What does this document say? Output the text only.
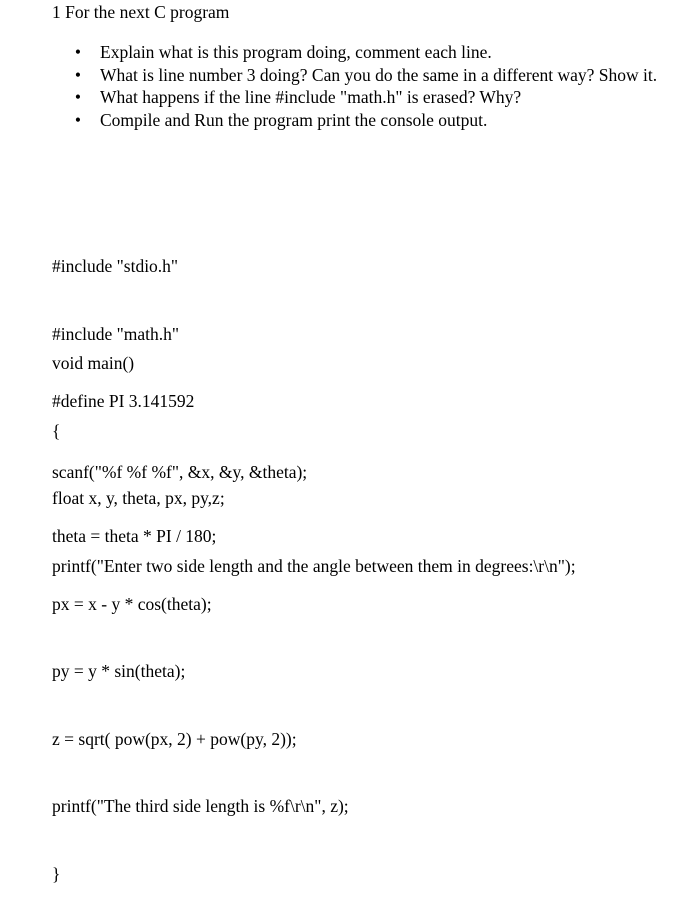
1 For the next C program
• Explain what is this program doing, comment each line.
• What is line number 3 doing? Can you do the same in a different way? Show it.
• What happens if the line #include "math.h" is erased? Why?
• Compile and Run the program print the console output.

#include "stdio.h"

#include "math.h"

#define PI 3.141592

void main()

{

float x, y, theta, px, py,z;

printf("Enter two side length and the angle between them in degrees:\r\n");

scanf("%f %f %f", &x, &y, &theta);

theta = theta * PI / 180;

px = x - y * cos(theta);

py = y * sin(theta);

z = sqrt( pow(px, 2) + pow(py, 2));

printf("The third side length is %f\r\n", z);

}
